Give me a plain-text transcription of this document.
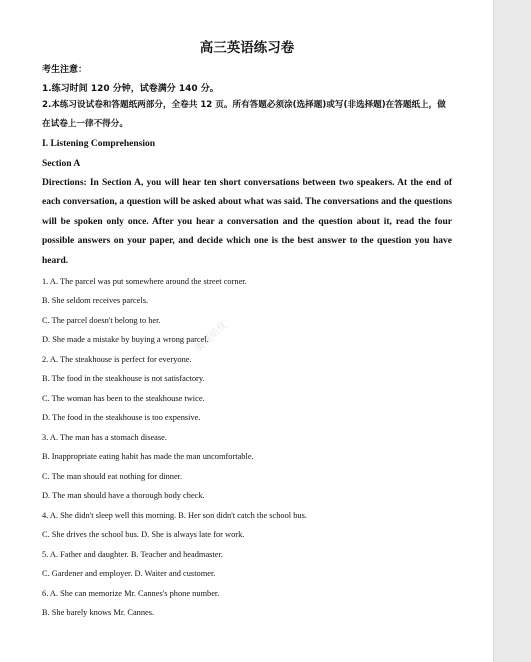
高三英语练习卷
考生注意：
1.练习时间 120 分钟，试卷满分 140 分。
2.本练习设试卷和答题纸两部分，全卷共 12 页。所有答题必须涂(选择题)或写(非选择题)在答题纸上，做在试卷上一律不得分。
I. Listening Comprehension
Section A
Directions: In Section A, you will hear ten short conversations between two speakers. At the end of each conversation, a question will be asked about what was said. The conversations and the questions will be spoken only once. After you hear a conversation and the question about it, read the four possible answers on your paper, and decide which one is the best answer to the question you have heard.
1. A. The parcel was put somewhere around the street corner.
B. She seldom receives parcels.
C. The parcel doesn't belong to her.
D. She made a mistake by buying a wrong parcel.
2. A. The steakhouse is perfect for everyone.
B. The food in the steakhouse is not satisfactory.
C. The woman has been to the steakhouse twice.
D. The food in the steakhouse is too expensive.
3. A. The man has a stomach disease.
B. Inappropriate eating habit has made the man uncomfortable.
C. The man should eat nothing for dinner.
D. The man should have a thorough body check.
4. A. She didn't sleep well this morning. B. Her son didn't catch the school bus.
C. She drives the school bus. D. She is always late for work.
5. A. Father and daughter. B. Teacher and headmaster.
C. Gardener and employer. D. Waiter and customer.
6. A. She can memorize Mr. Cannes's phone number.
B. She barely knows Mr. Cannes.
奥赛培优
